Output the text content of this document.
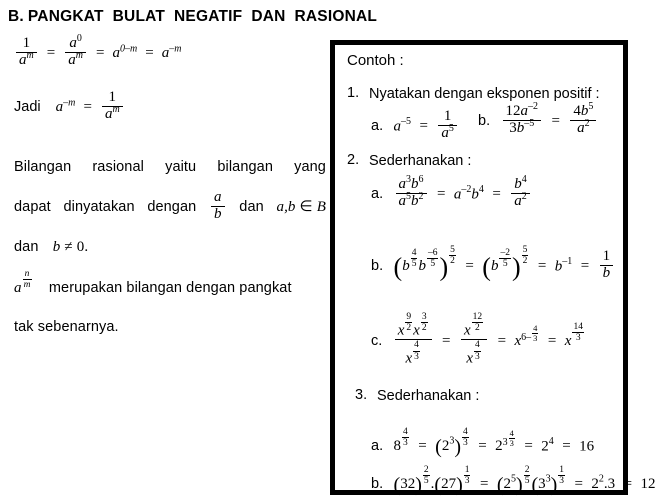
B. PANGKAT BULAT NEGATIF DAN RASIONAL
$\frac{1}{a^m} = \frac{a^0}{a^m} = a^{0-m} = a^{-m}$
Jadi $a^{-m} = \frac{1}{a^m}$
Bilangan rasional yaitu bilangan yang
dapat dinyatakan dengan $\frac{a}{b}$ dan a,b ∈ B
dan b ≠ 0.
a $\frac{n}{m}$ merupakan bilangan dengan pangkat
tak sebenarnya.
Contoh :
1. Nyatakan dengan eksponen positif :
a. $a^{-5} = \frac{1}{a^5} b$. $\frac{12a^{-2}}{3b^{-5}} = \frac{4b^5}{a^2}$
2. Sederhanakan :
a. $\frac{a^3b^6}{a^5b^2} = a^{-2}b^4 = \frac{b^4}{a^2}$
b. ($b \frac{4}{5}$ b $\frac{-6}{5}$ ) $\frac{5}{2} = (b \frac{-2}{5}$ ) $\frac{5}{2} = b^{-1} = \frac{1}{b}$
c. $\frac{x \frac{9}{2} x \frac{3}{2}}{x \frac{4}{3}} = \frac{x \frac{12}{2}}{x \frac{4}{3}} = x6- \frac{4}{3} = x \frac{14}{3}$
3. Sederhanakan :
a. $8 \frac{4}{3} = (2^3) \frac{4}{3} = 23 \frac{4}{3} = 2^4 = 16$
b. $(32) \frac{2}{5} .(27) \frac{1}{3} = (2^5) \frac{2}{5} (3^3) \frac{1}{3} = 2^2.3 = 12$
